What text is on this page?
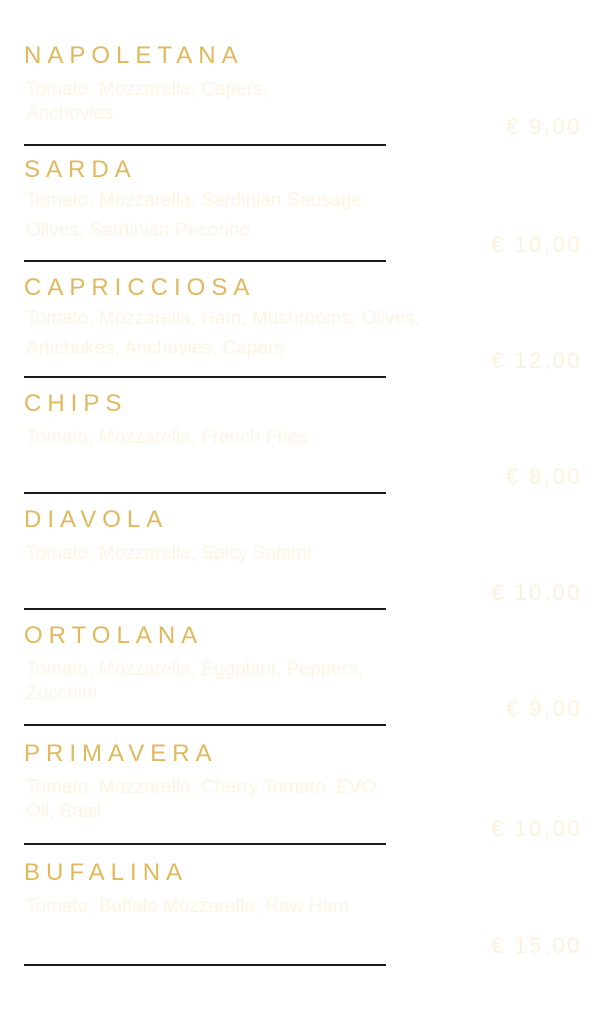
NAPOLETANA

Tomato, Mozzarella, Capers, Anchovies

€ 9,00
SARDA

Tomato, Mozzarella, Sardinian Sausage, Olives, Sardinian Pecorino

€ 10,00
CAPRICCIOSA

Tomato, Mozzarella, Ham, Mushrooms, Olives, Artichokes, Anchovies, Capers	€ 12,00
CHIPS

Tomato, Mozzarella, French Fries

€ 8,00
DIAVOLA

Tomato, Mozzarella, Spicy Salami

€ 10,00
ORTOLANA

Tomato, Mozzarella, Eggplant, Peppers, Zucchini

€ 9,00
PRIMAVERA

Tomato, Mozzarella, Cherry Tomato, EVO Oil, Basil

€ 10,00
BUFALINA

Tomato, Buffalo Mozzarella, Raw Ham

€ 15,00
